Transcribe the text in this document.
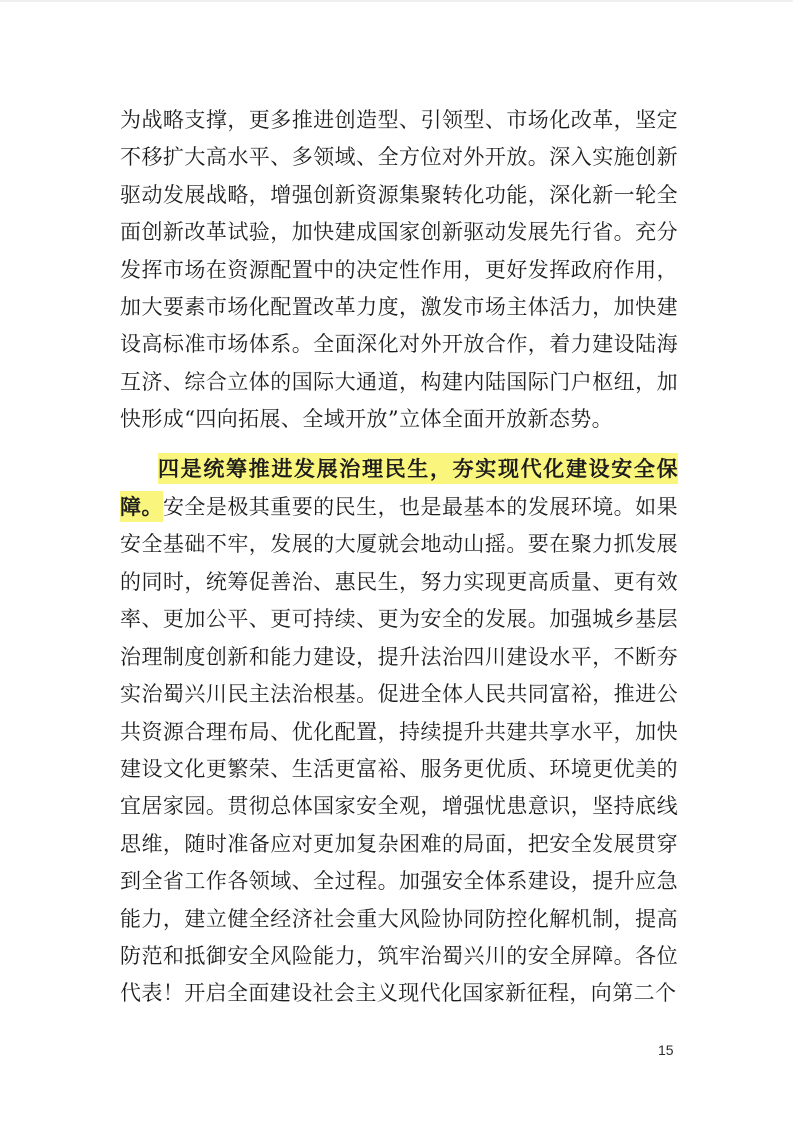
为战略支撑，更多推进创造型、引领型、市场化改革，坚定不移扩大高水平、多领域、全方位对外开放。深入实施创新驱动发展战略，增强创新资源集聚转化功能，深化新一轮全面创新改革试验，加快建成国家创新驱动发展先行省。充分发挥市场在资源配置中的决定性作用，更好发挥政府作用，加大要素市场化配置改革力度，激发市场主体活力，加快建设高标准市场体系。全面深化对外开放合作，着力建设陆海互济、综合立体的国际大通道，构建内陆国际门户枢纽，加快形成“四向拓展、全域开放”立体全面开放新态势。

四是统筹推进发展治理民生，夯实现代化建设安全保障。安全是极其重要的民生，也是最基本的发展环境。如果安全基础不牢，发展的大厦就会地动山摇。要在聚力抓发展的同时，统筹促善治、惠民生，努力实现更高质量、更有效率、更加公平、更可持续、更为安全的发展。加强城乡基层治理制度创新和能力建设，提升法治四川建设水平，不断夯实治蜀兴川民主法治根基。促进全体人民共同富裕，推进公共资源合理布局、优化配置，持续提升共建共享水平，加快建设文化更繁荣、生活更富裕、服务更优质、环境更优美的宜居家园。贯彻总体国家安全观，增强忧患意识，坚持底线思维，随时准备应对更加复杂困难的局面，把安全发展贯穿到全省工作各领域、全过程。加强安全体系建设，提升应急能力，建立健全经济社会重大风险协同防控化解机制，提高防范和抵御安全风险能力，筑牢治蜀兴川的安全屏障。各位代表！开启全面建设社会主义现代化国家新征程，向第二个

15
